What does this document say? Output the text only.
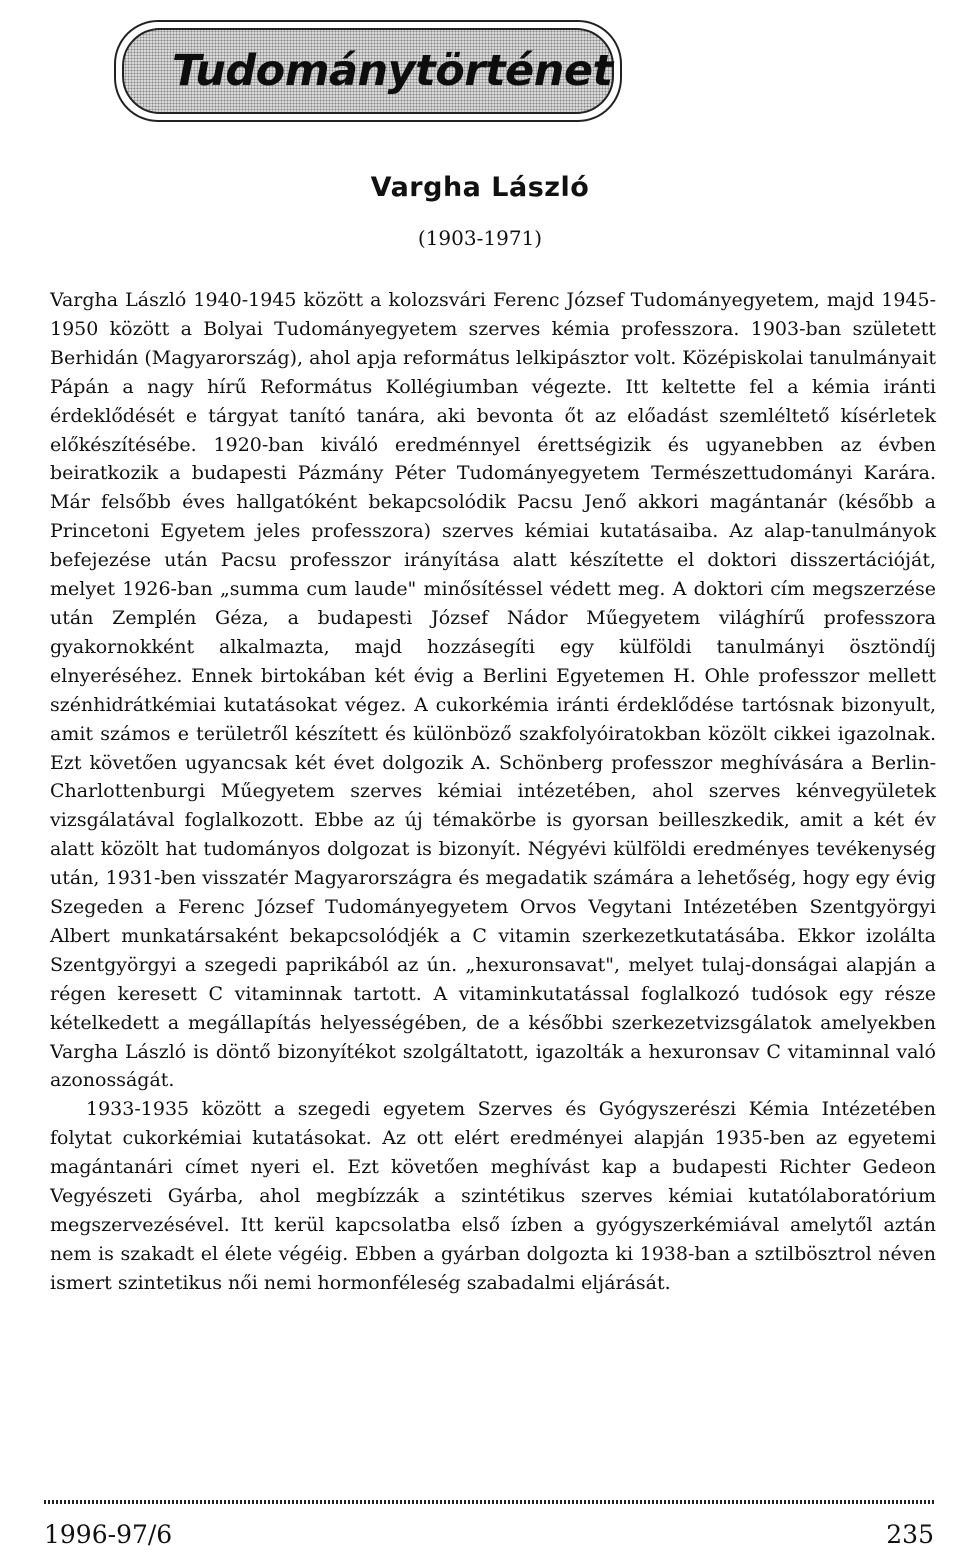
Tudománytörténet
Vargha László
(1903-1971)

Vargha László 1940-1945 között a kolozsvári Ferenc József Tudományegyetem, majd 1945-1950 között a Bolyai Tudományegyetem szerves kémia professzora. 1903-ban született Berhidán (Magyarország), ahol apja református lelkipásztor volt. Középiskolai tanulmányait Pápán a nagy hírű Református Kollégiumban végezte. Itt keltette fel a kémia iránti érdeklődését e tárgyat tanító tanára, aki bevonta őt az előadást szemléltető kísérletek előkészítésébe. 1920-ban kiváló eredménnyel érettségizik és ugyanebben az évben beiratkozik a budapesti Pázmány Péter Tudományegyetem Természettudományi Karára. Már felsőbb éves hallgatóként bekapcsolódik Pacsu Jenő akkori magántanár (később a Princetoni Egyetem jeles professzora) szerves kémiai kutatásaiba. Az alap-tanulmányok befejezése után Pacsu professzor irányítása alatt készítette el doktori disszertációját, melyet 1926-ban „summa cum laude" minősítéssel védett meg. A doktori cím megszerzése után Zemplén Géza, a budapesti József Nádor Műegyetem világhírű professzora gyakornokként alkalmazta, majd hozzásegíti egy külföldi tanulmányi ösztöndíj elnyeréséhez. Ennek birtokában két évig a Berlini Egyetemen H. Ohle professzor mellett szénhidrátkémiai kutatásokat végez. A cukorkémia iránti érdeklődése tartósnak bizonyult, amit számos e területről készített és különböző szakfolyóiratokban közölt cikkei igazolnak. Ezt követően ugyancsak két évet dolgozik A. Schönberg professzor meghívására a Berlin-Charlottenburgi Műegyetem szerves kémiai intézetében, ahol szerves kénvegyületek vizsgálatával foglalkozott. Ebbe az új témakörbe is gyorsan beilleszkedik, amit a két év alatt közölt hat tudományos dolgozat is bizonyít. Négyévi külföldi eredményes tevékenység után, 1931-ben visszatér Magyarországra és megadatik számára a lehetőség, hogy egy évig Szegeden a Ferenc József Tudományegyetem Orvos Vegytani Intézetében Szentgyörgyi Albert munkatársaként bekapcsolódjék a C vitamin szerkezetkutatásába. Ekkor izolálta Szentgyörgyi a szegedi paprikából az ún. „hexuronsavat", melyet tulaj-donságai alapján a régen keresett C vitaminnak tartott. A vitaminkutatással foglalkozó tudósok egy része kételkedett a megállapítás helyességében, de a későbbi szerkezetvizsgálatok amelyekben Vargha László is döntő bizonyítékot szolgáltatott, igazolták a hexuronsav C vitaminnal való azonosságát.

1933-1935 között a szegedi egyetem Szerves és Gyógyszerészi Kémia Intézetében folytat cukorkémiai kutatásokat. Az ott elért eredményei alapján 1935-ben az egyetemi magántanári címet nyeri el. Ezt követően meghívást kap a budapesti Richter Gedeon Vegyészeti Gyárba, ahol megbízzák a szintétikus szerves kémiai kutatólaboratórium megszervezésével. Itt kerül kapcsolatba első ízben a gyógyszerkémiával amelytől aztán nem is szakadt el élete végéig. Ebben a gyárban dolgozta ki 1938-ban a sztilbösztrol néven ismert szintetikus női nemi hormonféleség szabadalmi eljárását.

1996-97/6	235
